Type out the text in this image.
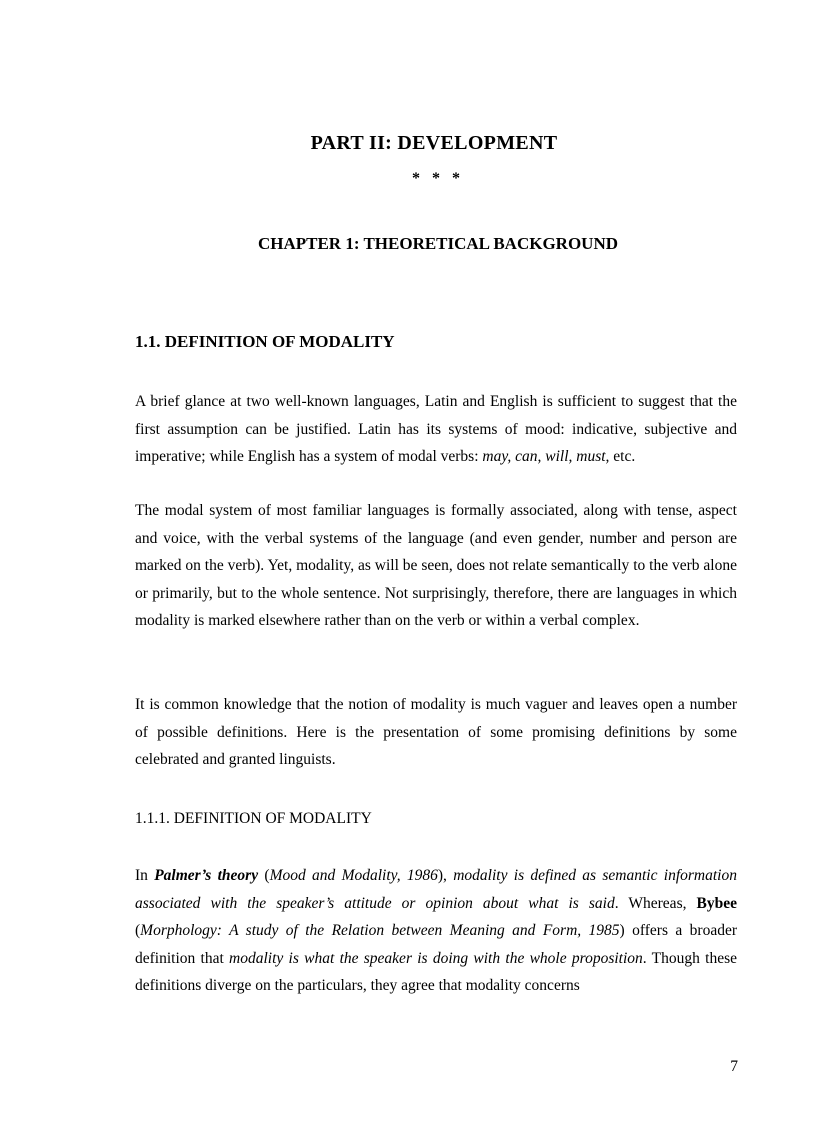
PART II: DEVELOPMENT
* * *
CHAPTER 1: THEORETICAL BACKGROUND
1.1. DEFINITION OF MODALITY

A brief glance at two well-known languages, Latin and English is sufficient to suggest that the first assumption can be justified. Latin has its systems of mood: indicative, subjective and imperative; while English has a system of modal verbs: may, can, will, must, etc.

The modal system of most familiar languages is formally associated, along with tense, aspect and voice, with the verbal systems of the language (and even gender, number and person are marked on the verb). Yet, modality, as will be seen, does not relate semantically to the verb alone or primarily, but to the whole sentence. Not surprisingly, therefore, there are languages in which modality is marked elsewhere rather than on the verb or within a verbal complex.

It is common knowledge that the notion of modality is much vaguer and leaves open a number of possible definitions. Here is the presentation of some promising definitions by some celebrated and granted linguists.

1.1.1. DEFINITION OF MODALITY

In Palmer’s theory (Mood and Modality, 1986), modality is defined as semantic information associated with the speaker’s attitude or opinion about what is said. Whereas, Bybee (Morphology: A study of the Relation between Meaning and Form, 1985) offers a broader definition that modality is what the speaker is doing with the whole proposition. Though these definitions diverge on the particulars, they agree that modality concerns

7
